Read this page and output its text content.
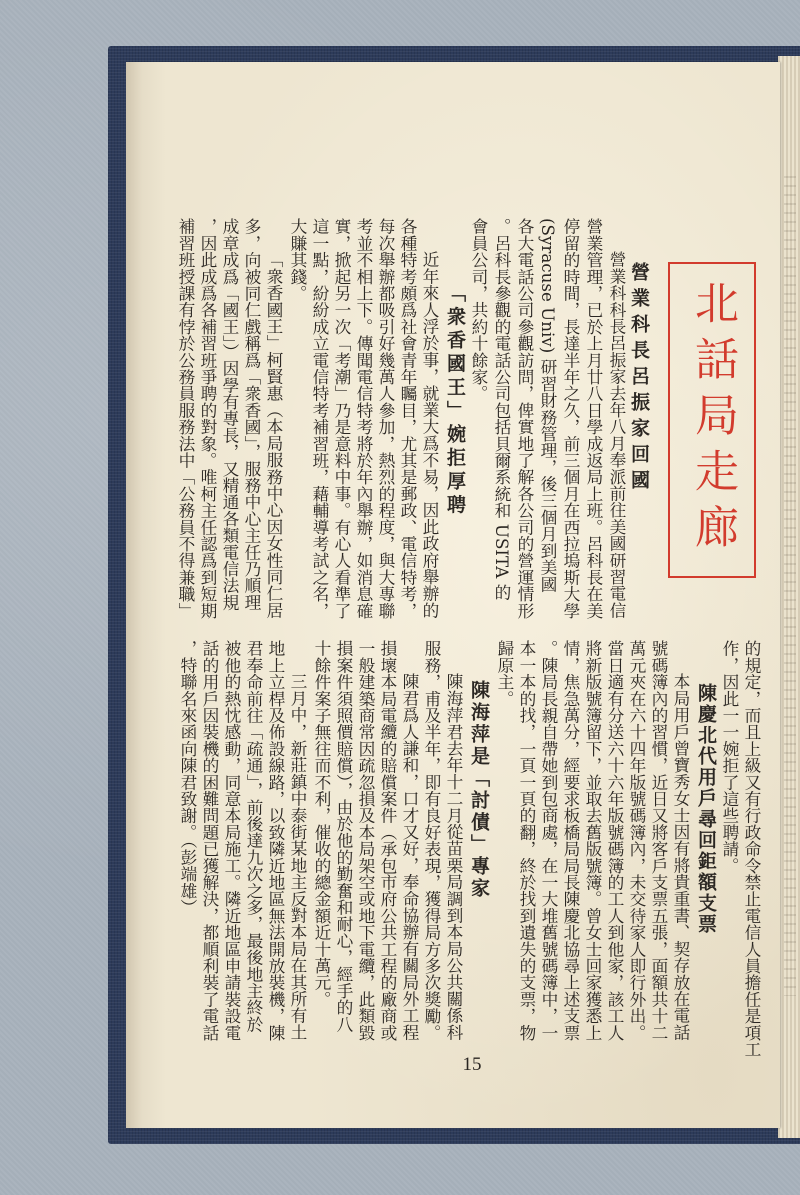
北話局走廊
營業科長呂振家回國
營業科科長呂振家去年八月奉派前往美國研習電信
營業管理，已於上月廿八日學成返局上班。呂科長在美
停留的時間，長達半年之久，前三個月在西拉塢斯大學
(Syracuse Univ) 研習財務管理，後三個月到美國
各大電話公司參觀訪問，俾實地了解各公司的營運情形
。呂科長參觀的電話公司包括貝爾系統和 USITA 的
會員公司，共約十餘家。
「衆香國王」婉拒厚聘
近年來人浮於事，就業大爲不易，因此政府舉辦的
各種特考頗爲社會青年矚目，尤其是郵政、電信特考，
每次舉辦都吸引好幾萬人參加，熱烈的程度，與大專聯
考並不相上下。傳聞電信特考將於年內舉辦，如消息確
實，掀起另一次「考潮」乃是意料中事。有心人看準了
這一點，紛紛成立電信特考補習班，藉輔導考試之名，
大賺其錢。
「衆香國王」柯賢惠（本局服務中心因女性同仁居
多，向被同仁戲稱爲「衆香國」，服務中心主任乃順理
成章成爲「國王」）因學有專長，又精通各類電信法規
，因此成爲各補習班爭聘的對象。唯柯主任認爲到短期
補習班授課有悖於公務員服務法中「公務員不得兼職」
的規定，而且上級又有行政命令禁止電信人員擔任是項工
作，因此一一婉拒了這些聘請。
陳慶北代用戶尋回鉅額支票
本局用戶曾寶秀女士因有將貴重書、契存放在電話
號碼簿內的習慣，近日又將客戶支票五張，面額共十二
萬元夾在六十四年版號碼簿內，未交待家人即行外出。
當日適有分送六十六年版號碼簿的工人到他家，該工人
將新版號簿留下，並取去舊版號簿。曾女士回家獲悉上
情，焦急萬分，經要求板橋局局長陳慶北協尋上述支票
。陳局長親自帶她到包商處，在一大堆舊號碼簿中，一
本一本的找，一頁一頁的翻，終於找到遺失的支票，物
歸原主。
陳海萍是「討債」專家
陳海萍君去年十二月從苗栗局調到本局公共關係科
服務，甫及半年，即有良好表現，獲得局方多次獎勵。
陳君爲人謙和，口才又好，奉命協辦有關局外工程
損壞本局電纜的賠償案件（承包市府公共工程的廠商或
一般建築商常因疏忽損及本局架空或地下電纜，此類毀
損案件須照價賠償），由於他的勤奮和耐心，經手的八
十餘件案子無往而不利，催收的總金額近十萬元。
三月中，新莊鎮中泰街某地主反對本局在其所有土
地上立桿及佈設線路，以致隣近地區無法開放裝機，陳
君奉命前往「疏通」，前後達九次之多，最後地主終於
被他的熱忱感動，同意本局施工。隣近地區申請裝設電
話的用戶因裝機的困難問題已獲解決，都順利裝了電話
，特聯名來函向陳君致謝。（彭端雄）
15
